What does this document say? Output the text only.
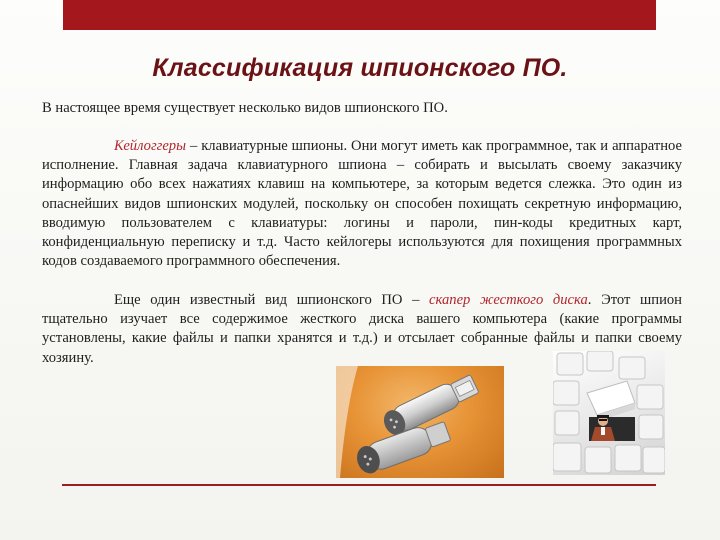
Классификация шпионского ПО.
В настоящее время существует несколько видов шпионского ПО.
Кейлоггеры – клавиатурные шпионы. Они могут иметь как программное, так и аппаратное исполнение. Главная задача клавиатурного шпиона – собирать и высылать своему заказчику информацию обо всех нажатиях клавиш на компьютере, за которым ведется слежка. Это один из опаснейших видов шпионских модулей, поскольку он способен похищать секретную информацию, вводимую пользователем с клавиатуры: логины и пароли, пин-коды кредитных карт, конфиденциальную переписку и т.д. Часто кейлогеры используются для похищения программных кодов создаваемого программного обеспечения.
Еще один известный вид шпионского ПО – скапер жесткого диска. Этот шпион тщательно изучает все содержимое жесткого диска вашего компьютера (какие программы установлены, какие файлы и папки хранятся и т.д.) и отсылает собранные файлы и папки своему хозяину.
